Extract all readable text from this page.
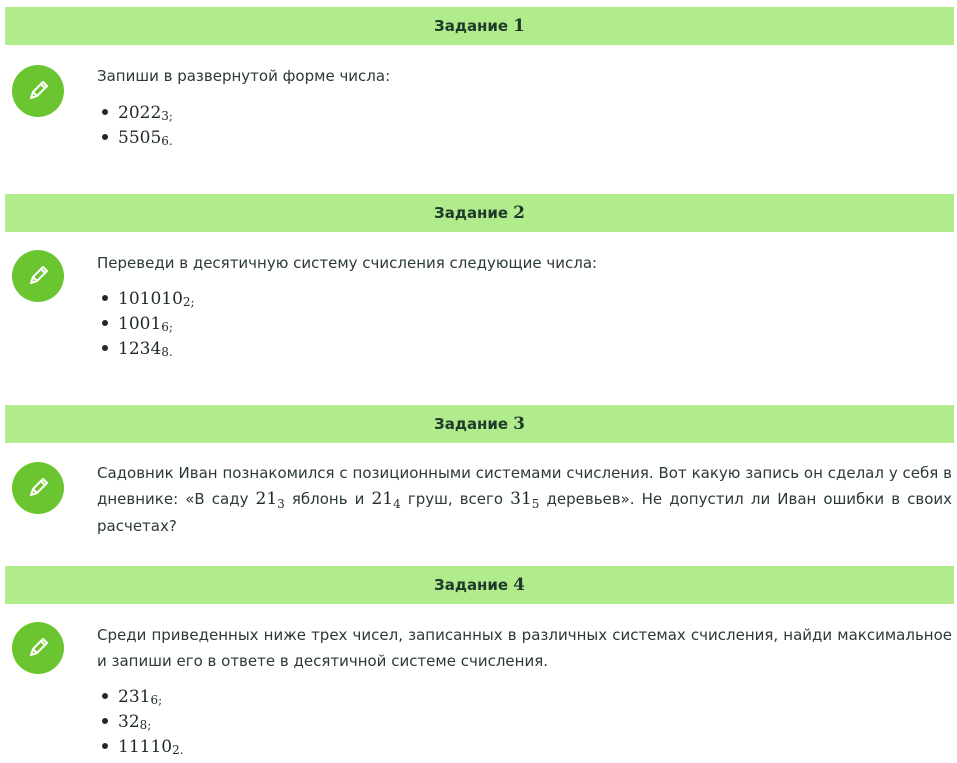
Задание 1

Запиши в развернутой форме числа:

$2022_{3;}$
$5505_{6.}$
Задание 2

Переведи в десятичную систему счисления следующие числа:

$101010_{2;}$
$1001_{6;}$
$1234_{8.}$
Задание 3

Садовник Иван познакомился с позиционными системами счисления. Вот какую запись он сделал у себя в дневнике: «В саду $21_3$ яблонь и $21_4$ груш, всего $31_5$ деревьев». Не допустил ли Иван ошибки в своих расчетах?

Задание 4

Среди приведенных ниже трех чисел, записанных в различных системах счисления, найди максимальное и запиши его в ответе в десятичной системе счисления.

$231_{6;}$
$32_{8;}$
$11110_{2.}$
